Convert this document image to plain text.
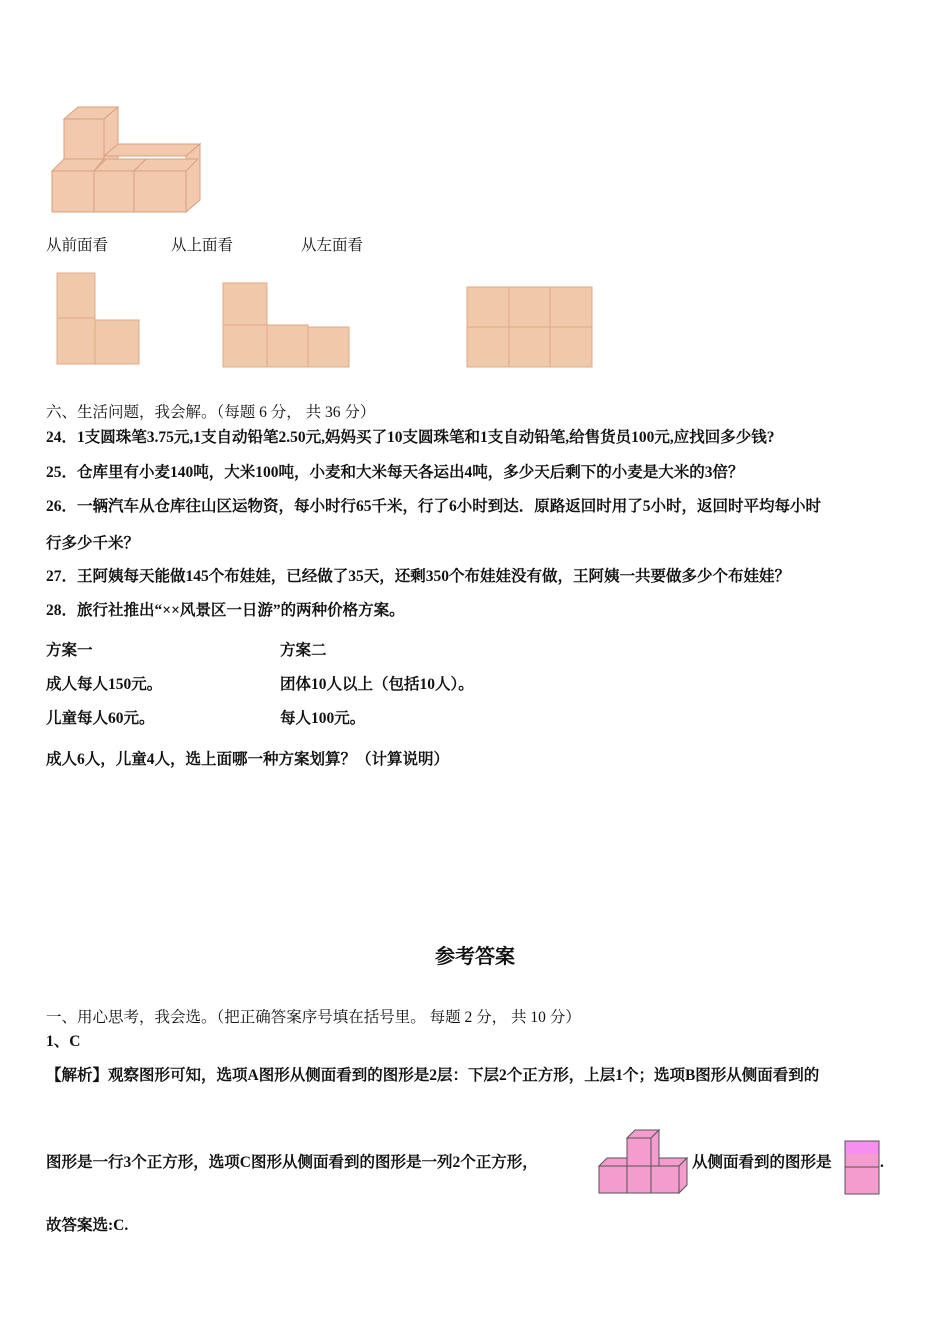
从前面看	从上面看	从左面看
六、生活问题，我会解。（每题 6 分， 共 36 分）
24．1支圆珠笔3.75元,1支自动铅笔2.50元,妈妈买了10支圆珠笔和1支自动铅笔,给售货员100元,应找回多少钱?
25．仓库里有小麦140吨，大米100吨，小麦和大米每天各运出4吨，多少天后剩下的小麦是大米的3倍？
26．一辆汽车从仓库往山区运物资，每小时行65千米，行了6小时到达．原路返回时用了5小时，返回时平均每小时
行多少千米？
27．王阿姨每天能做145个布娃娃，已经做了35天，还剩350个布娃娃没有做，王阿姨一共要做多少个布娃娃？
28．旅行社推出“××风景区一日游”的两种价格方案。
方案一	方案二
成人每人150元。	团体10人以上（包括10人）。
儿童每人60元。	每人100元。
成人6人，儿童4人，选上面哪一种方案划算？（计算说明）
参考答案
一、用心思考，我会选。（把正确答案序号填在括号里。 每题 2 分， 共 10 分）
1、C
【解析】观察图形可知，选项A图形从侧面看到的图形是2层：下层2个正方形，上层1个；选项B图形从侧面看到的
图形是一行3个正方形，选项C图形从侧面看到的图形是一列2个正方形，	从侧面看到的图形是	.
故答案选:C.
